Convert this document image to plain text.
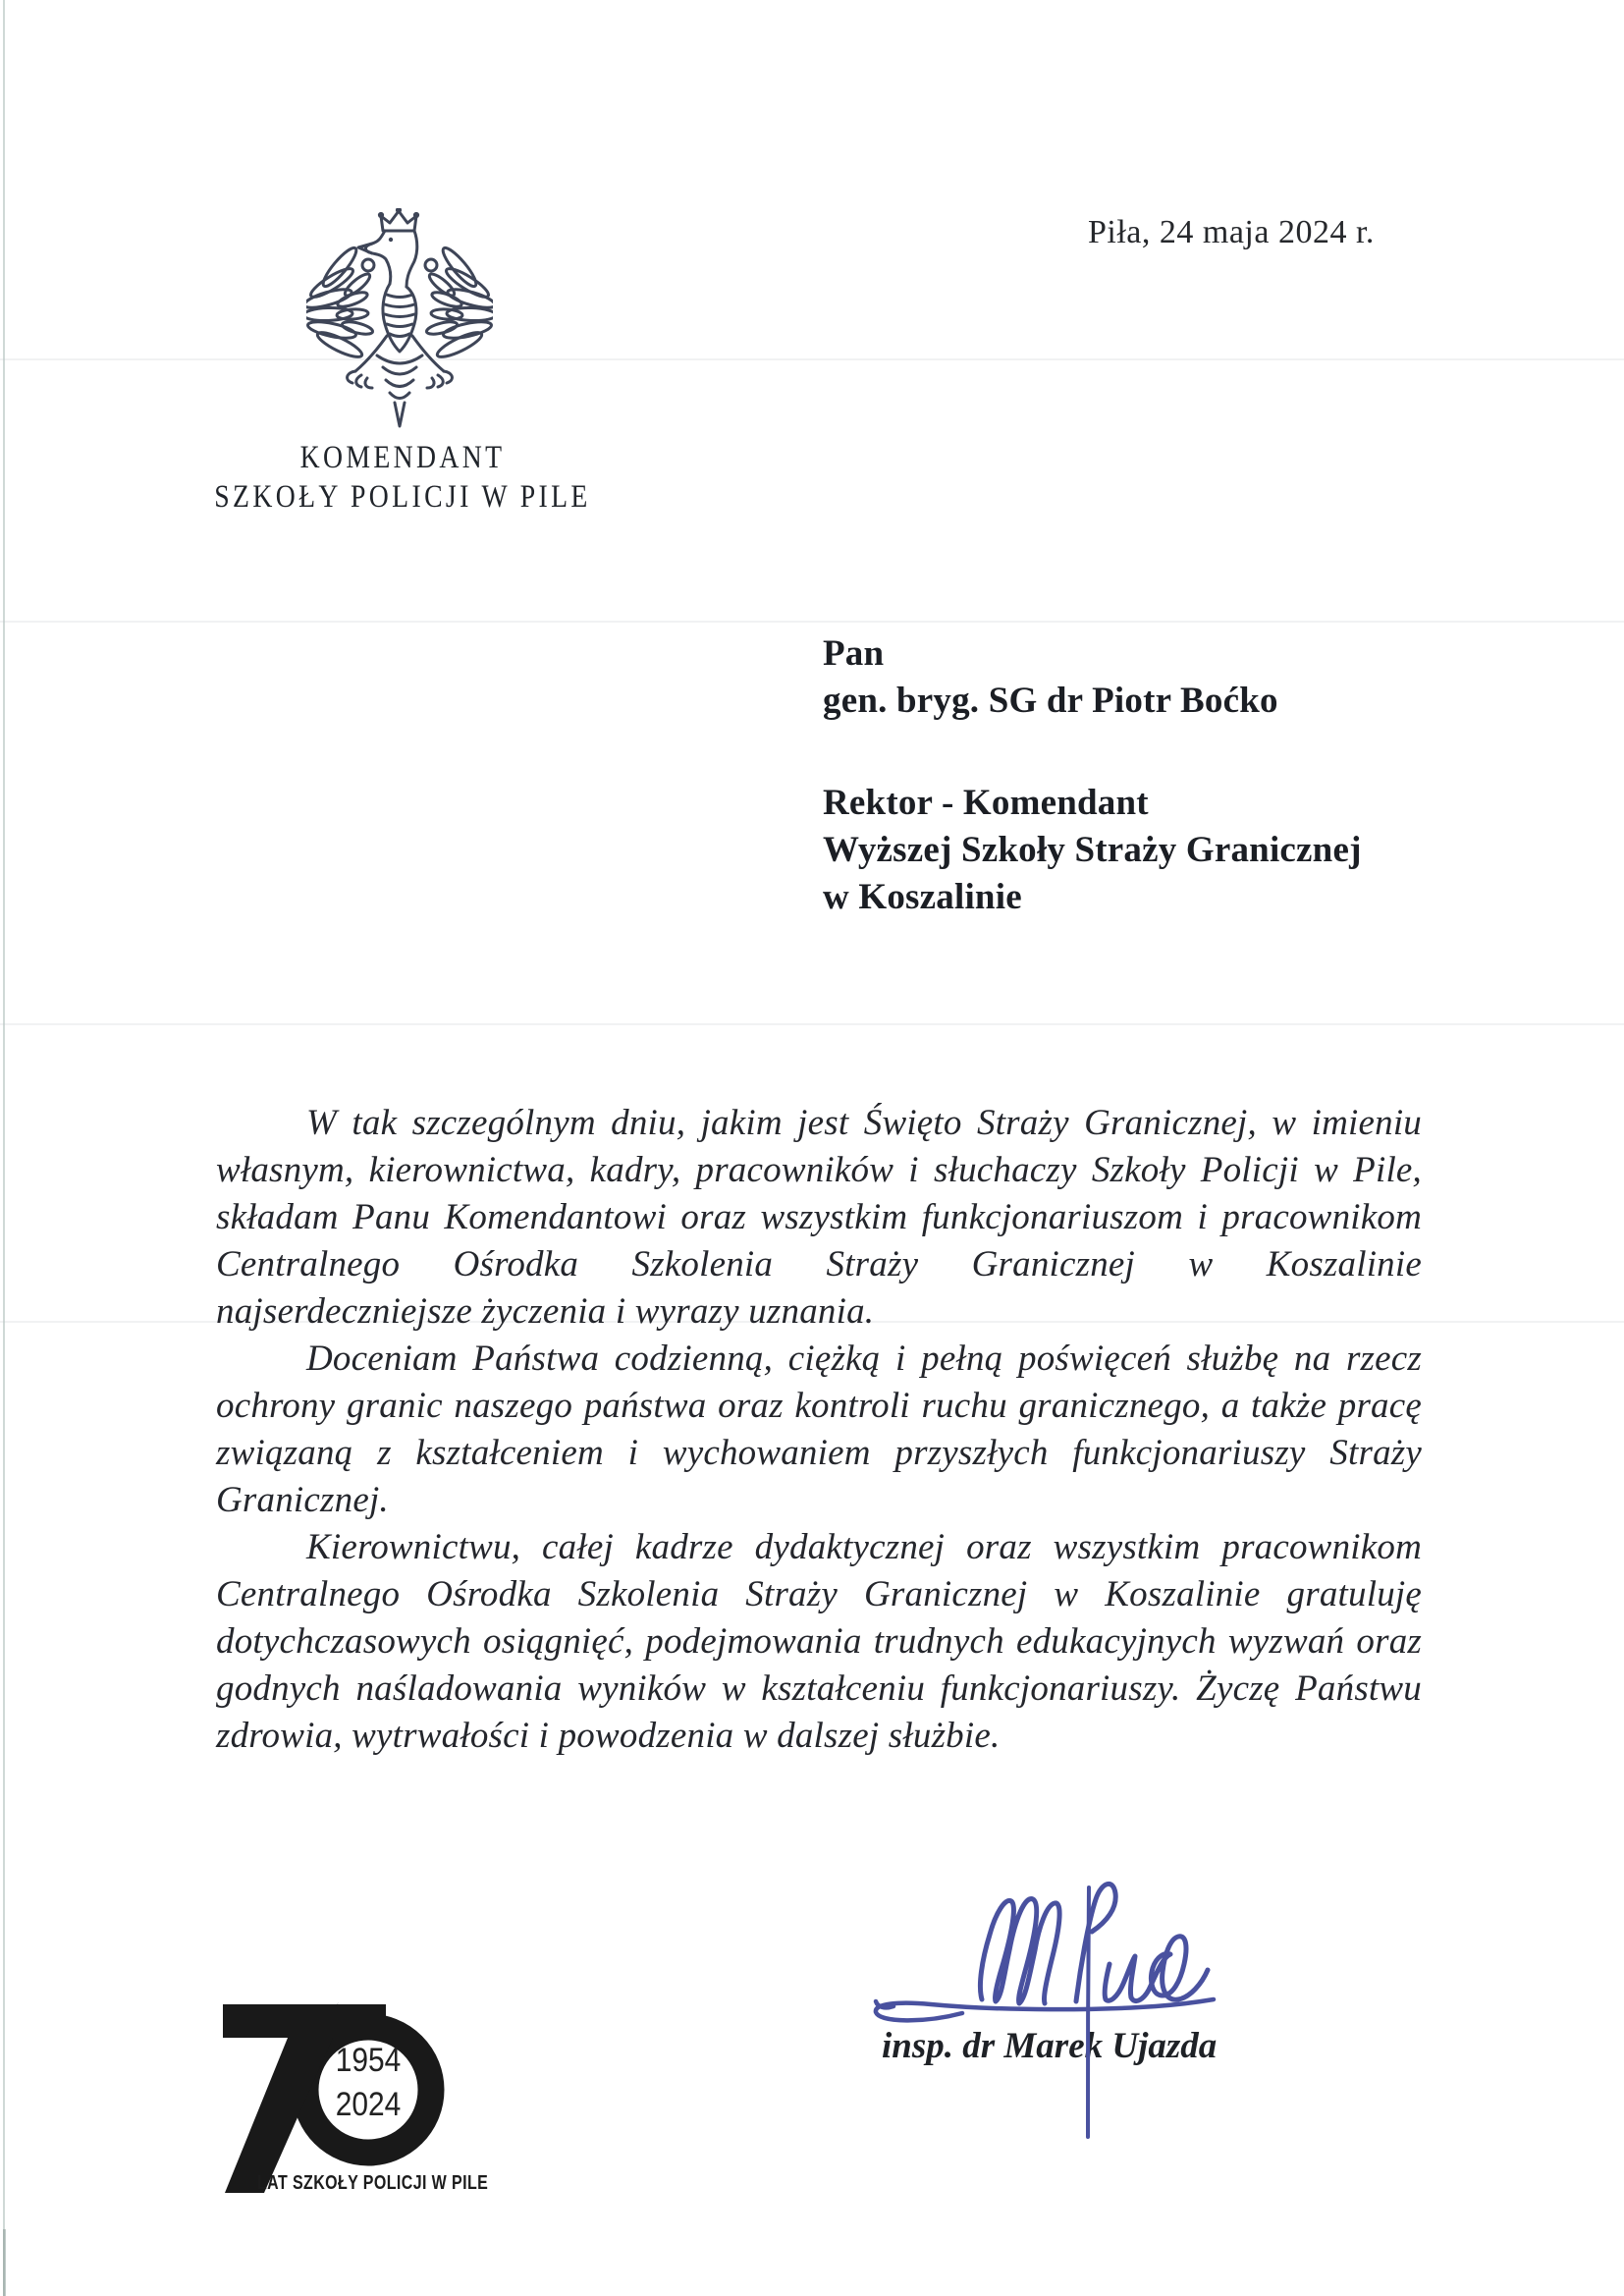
KOMENDANT
SZKOŁY POLICJI W PILE
Piła, 24 maja 2024 r.
Pan
gen. bryg. SG dr Piotr Boćko
Rektor - Komendant
Wyższej Szkoły Straży Granicznej
w Koszalinie

W tak szczególnym dniu, jakim jest Święto Straży Granicznej, w imieniu własnym, kierownictwa, kadry, pracowników i słuchaczy Szkoły Policji w Pile, składam Panu Komendantowi oraz wszystkim funkcjonariuszom i pracownikom Centralnego Ośrodka Szkolenia Straży Granicznej w Koszalinie najserdeczniejsze życzenia i wyrazy uznania.

Doceniam Państwa codzienną, ciężką i pełną poświęceń służbę na rzecz ochrony granic naszego państwa oraz kontroli ruchu granicznego, a także pracę związaną z kształceniem i wychowaniem przyszłych funkcjonariuszy Straży Granicznej.

Kierownictwu, całej kadrze dydaktycznej oraz wszystkim pracownikom Centralnego Ośrodka Szkolenia Straży Granicznej w Koszalinie gratuluję dotychczasowych osiągnięć, podejmowania trudnych edukacyjnych wyzwań oraz godnych naśladowania wyników w kształceniu funkcjonariuszy. Życzę Państwu zdrowia, wytrwałości i powodzenia w dalszej służbie.

insp. dr Marek Ujazda
1954
2024
LAT SZKOŁY POLICJI W PILE
